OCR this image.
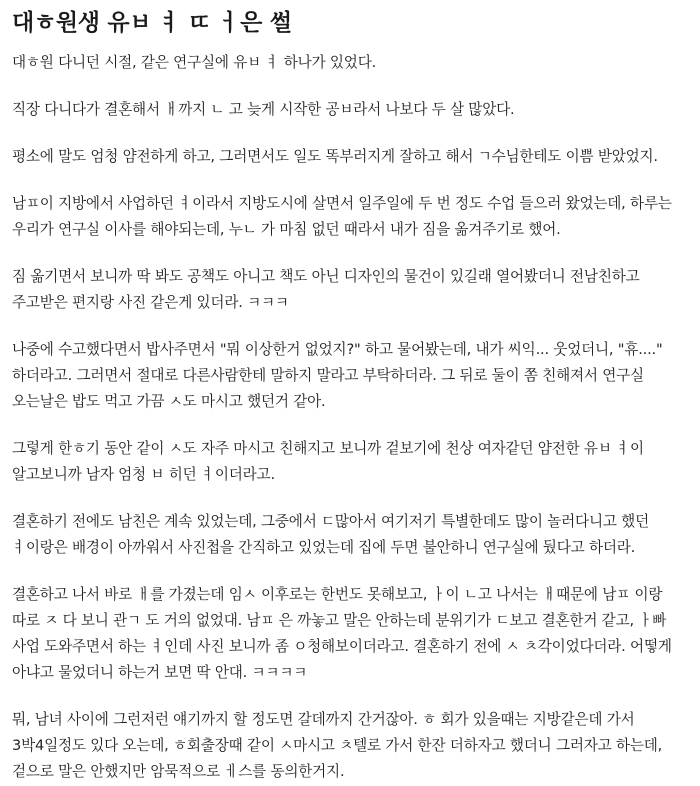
대ㅎ원생 유ㅂ ㅕ ㄸ ㅓ은 썰

대ㅎ원 다니던 시절, 같은 연구실에 유ㅂ ㅕ 하나가 있었다.

직장 다니다가 결혼해서 ㅐ까지 ㄴ 고 늦게 시작한 공ㅂ라서 나보다 두 살 많았다.

평소에 말도 엄청 얌전하게 하고, 그러면서도 일도 똑부러지게 잘하고 해서 ㄱ수님한테도 이쁨 받았었지.

남ㅍ이 지방에서 사업하던 ㅕ이라서 지방도시에 살면서 일주일에 두 번 정도 수업 들으러 왔었는데, 하루는 우리가 연구실 이사를 해야되는데, 누ㄴ 가 마침 없던 때라서 내가 짐을 옮겨주기로 했어.

짐 옮기면서 보니까 딱 봐도 공책도 아니고 책도 아닌 디자인의 물건이 있길래 열어봤더니 전남친하고 주고받은 편지랑 사진 같은게 있더라. ㅋㅋㅋ

나중에 수고했다면서 밥사주면서 "뭐 이상한거 없었지?" 하고 물어봤는데, 내가 씨익... 웃었더니, "휴...." 하더라고. 그러면서 절대로 다른사람한테 말하지 말라고 부탁하더라. 그 뒤로 둘이 쫌 친해져서 연구실 오는날은 밥도 먹고 가끔 ㅅ도 마시고 했던거 같아.

그렇게 한ㅎ기 동안 같이 ㅅ도 자주 마시고 친해지고 보니까 겉보기에 천상 여자같던 얌전한 유ㅂ ㅕ이 알고보니까 남자 엄청 ㅂ 히던 ㅕ이더라고.

결혼하기 전에도 남친은 계속 있었는데, 그중에서 ㄷ많아서 여기저기 특별한데도 많이 놀러다니고 했던 ㅕ이랑은 배경이 아까워서 사진첩을 간직하고 있었는데 집에 두면 불안하니 연구실에 뒀다고 하더라.

결혼하고 나서 바로 ㅐ를 가졌는데 임ㅅ 이후로는 한번도 못해보고, ㅏ이 ㄴ고 나서는 ㅐ때문에 남ㅍ 이랑 따로 ㅈ 다 보니 관ㄱ 도 거의 없었대. 남ㅍ 은 까놓고 말은 안하는데 분위기가 ㄷ보고 결혼한거 같고, ㅏ빠 사업 도와주면서 하는 ㅕ인데 사진 보니까 좀 ㅇ청해보이더라고. 결혼하기 전에 ㅅ ㅊ각이었다더라. 어떻게 아냐고 물었더니 하는거 보면 딱 안대. ㅋㅋㅋㅋ

뭐, 남녀 사이에 그런저런 얘기까지 할 정도면 갈데까지 간거잖아. ㅎ 회가 있을때는 지방같은데 가서 3박4일정도 있다 오는데, ㅎ회출장때 같이 ㅅ마시고 ㅊ텔로 가서 한잔 더하자고 했더니 그러자고 하는데, 겉으로 말은 안했지만 암묵적으로 ㅔ스를 동의한거지.
